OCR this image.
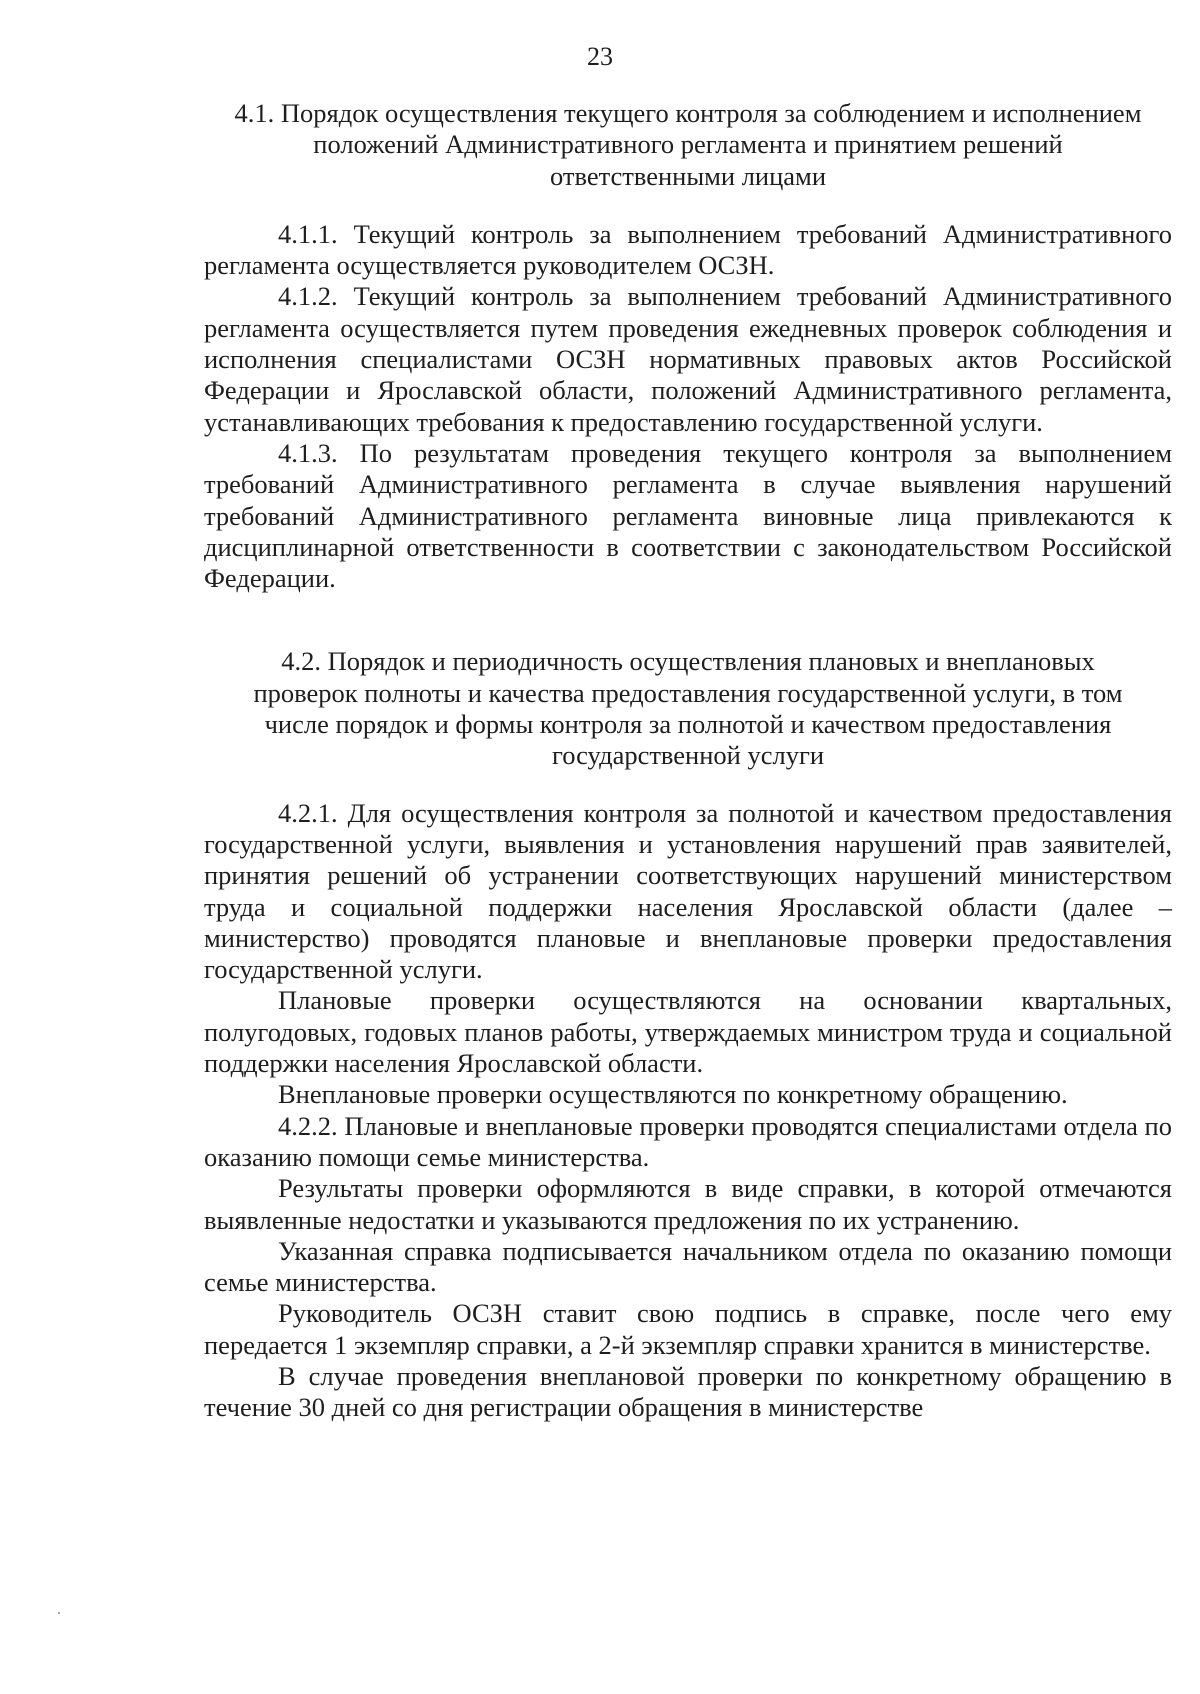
23
4.1. Порядок осуществления текущего контроля за соблюдением и исполнением положений Административного регламента и принятием решений ответственными лицами

4.1.1. Текущий контроль за выполнением требований Административного регламента осуществляется руководителем ОСЗН.

4.1.2. Текущий контроль за выполнением требований Административного регламента осуществляется путем проведения ежедневных проверок соблюдения и исполнения специалистами ОСЗН нормативных правовых актов Российской Федерации и Ярославской области, положений Административного регламента, устанавливающих требования к предоставлению государственной услуги.

4.1.3. По результатам проведения текущего контроля за выполнением требований Административного регламента в случае выявления нарушений требований Административного регламента виновные лица привлекаются к дисциплинарной ответственности в соответствии с законодательством Российской Федерации.

4.2. Порядок и периодичность осуществления плановых и внеплановых проверок полноты и качества предоставления государственной услуги, в том числе порядок и формы контроля за полнотой и качеством предоставления государственной услуги

4.2.1. Для осуществления контроля за полнотой и качеством предоставления государственной услуги, выявления и установления нарушений прав заявителей, принятия решений об устранении соответствующих нарушений министерством труда и социальной поддержки населения Ярославской области (далее – министерство) проводятся плановые и внеплановые проверки предоставления государственной услуги.

Плановые проверки осуществляются на основании квартальных, полугодовых, годовых планов работы, утверждаемых министром труда и социальной поддержки населения Ярославской области.

Внеплановые проверки осуществляются по конкретному обращению.

4.2.2. Плановые и внеплановые проверки проводятся специалистами отдела по оказанию помощи семье министерства.

Результаты проверки оформляются в виде справки, в которой отмечаются выявленные недостатки и указываются предложения по их устранению.

Указанная справка подписывается начальником отдела по оказанию помощи семье министерства.

Руководитель ОСЗН ставит свою подпись в справке, после чего ему передается 1 экземпляр справки, а 2-й экземпляр справки хранится в министерстве.

В случае проведения внеплановой проверки по конкретному обращению в течение 30 дней со дня регистрации обращения в министерстве
